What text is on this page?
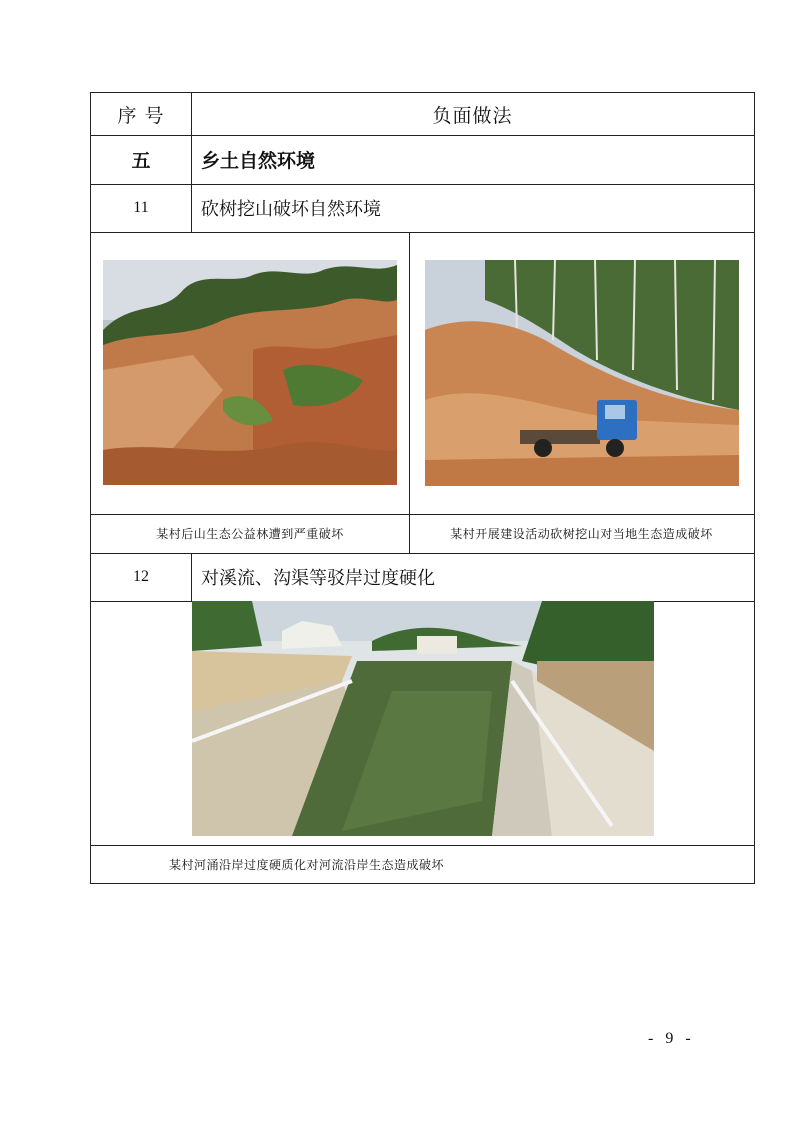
序 号	负面做法
五	乡土自然环境
11	砍树挖山破坏自然环境
某村后山生态公益林遭到严重破坏	某村开展建设活动砍树挖山对当地生态造成破坏
12	对溪流、沟渠等驳岸过度硬化
某村河涌沿岸过度硬质化对河流沿岸生态造成破坏
- 9 -
